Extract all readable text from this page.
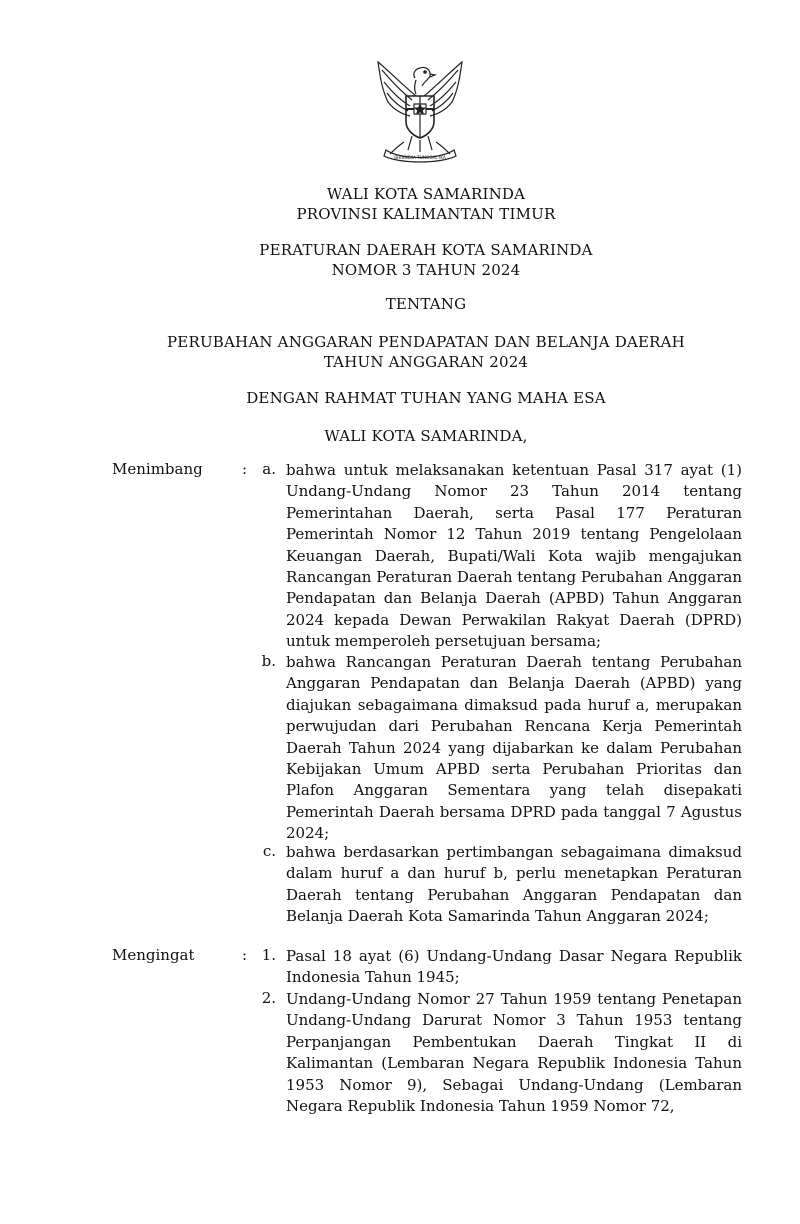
BHINNEKA TUNGGAL IKA
WALI KOTA SAMARINDA
PROVINSI KALIMANTAN TIMUR
PERATURAN DAERAH KOTA SAMARINDA
NOMOR 3 TAHUN 2024
TENTANG
PERUBAHAN ANGGARAN PENDAPATAN DAN BELANJA DAERAH
TAHUN ANGGARAN 2024
DENGAN RAHMAT TUHAN YANG MAHA ESA
WALI KOTA SAMARINDA,
Menimbang	:	a. bahwa untuk melaksanakan ketentuan Pasal 317 ayat (1) Undang-Undang Nomor 23 Tahun 2014 tentang Pemerintahan Daerah, serta Pasal 177 Peraturan Pemerintah Nomor 12 Tahun 2019 tentang Pengelolaan Keuangan Daerah, Bupati/Wali Kota wajib mengajukan Rancangan Peraturan Daerah tentang Perubahan Anggaran Pendapatan dan Belanja Daerah (APBD) Tahun Anggaran 2024 kepada Dewan Perwakilan Rakyat Daerah (DPRD) untuk memperoleh persetujuan bersama;
b. bahwa Rancangan Peraturan Daerah tentang Perubahan Anggaran Pendapatan dan Belanja Daerah (APBD) yang diajukan sebagaimana dimaksud pada huruf a, merupakan perwujudan dari Perubahan Rencana Kerja Pemerintah Daerah Tahun 2024 yang dijabarkan ke dalam Perubahan Kebijakan Umum APBD serta Perubahan Prioritas dan Plafon Anggaran Sementara yang telah disepakati Pemerintah Daerah bersama DPRD pada tanggal 7 Agustus 2024;
c. bahwa berdasarkan pertimbangan sebagaimana dimaksud dalam huruf a dan huruf b, perlu menetapkan Peraturan Daerah tentang Perubahan Anggaran Pendapatan dan Belanja Daerah Kota Samarinda Tahun Anggaran 2024;
Mengingat	: 1. Pasal 18 ayat (6) Undang-Undang Dasar Negara Republik Indonesia Tahun 1945;
2. Undang-Undang Nomor 27 Tahun 1959 tentang Penetapan Undang-Undang Darurat Nomor 3 Tahun 1953 tentang Perpanjangan Pembentukan Daerah Tingkat II di Kalimantan (Lembaran Negara Republik Indonesia Tahun 1953 Nomor 9), Sebagai Undang-Undang (Lembaran Negara Republik Indonesia Tahun 1959 Nomor 72,
